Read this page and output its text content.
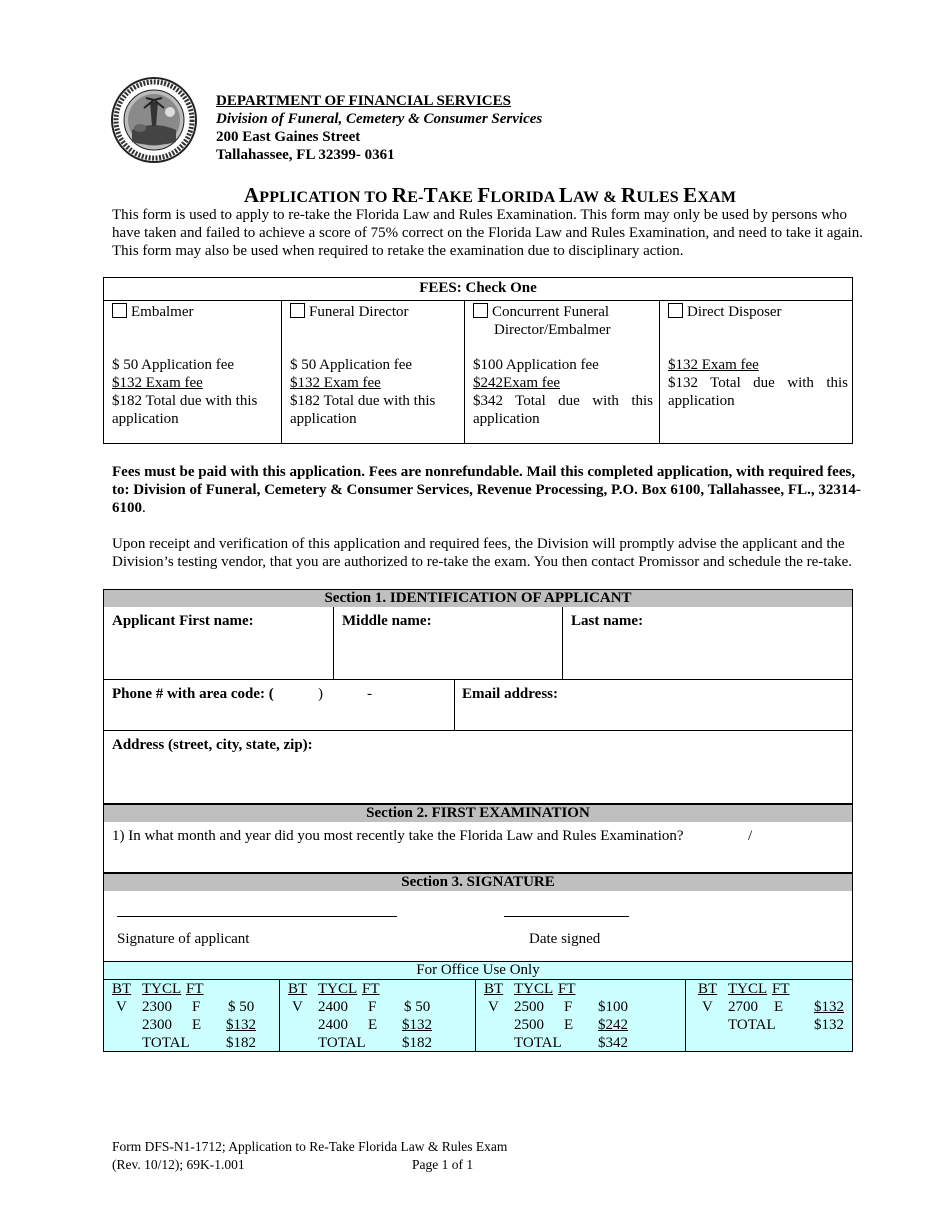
DEPARTMENT OF FINANCIAL SERVICES
Division of Funeral, Cemetery & Consumer Services
200 East Gaines Street
Tallahassee, FL 32399- 0361
APPLICATION TO RE-TAKE FLORIDA LAW & RULES EXAM
This form is used to apply to re-take the Florida Law and Rules Examination. This form may only be used by persons who have taken and failed to achieve a score of 75% correct on the Florida Law and Rules Examination, and need to take it again. This form may also be used when required to retake the examination due to disciplinary action.
FEES: Check One
Embalmer
$ 50 Application fee
$132 Exam fee
$182 Total due with this application
Funeral Director
$ 50 Application fee
$132 Exam fee
$182 Total due with this application
Concurrent Funeral
Director/Embalmer
$100 Application fee
$242Exam fee
$342 Total due with this application
Direct Disposer
$132 Exam fee
$132 Total due with this application
Fees must be paid with this application. Fees are nonrefundable. Mail this completed application, with required fees, to: Division of Funeral, Cemetery & Consumer Services, Revenue Processing, P.O. Box 6100, Tallahassee, FL., 32314-6100.
Upon receipt and verification of this application and required fees, the Division will promptly advise the applicant and the Division’s testing vendor, that you are authorized to re-take the exam. You then contact Promissor and schedule the re-take.
Section 1. IDENTIFICATION OF APPLICANT
Applicant First name:	Middle name:	Last name:
Phone # with area code: (	)	-	Email address:
Address (street, city, state, zip):
Section 2. FIRST EXAMINATION
1) In what month and year did you most recently take the Florida Law and Rules Examination?	/
Section 3. SIGNATURE
Signature of applicant	Date signed
For Office Use Only
BT TYCL FT
V 2300 F $ 50
2300 E $132
TOTAL $182
BT TYCL FT
V 2400 F $ 50
2400 E $132
TOTAL $182
BT TYCL FT
V 2500 F $100
2500 E $242
TOTAL $342
BT TYCL FT
V 2700 E $132
TOTAL	$132
Form DFS-N1-1712; Application to Re-Take Florida Law & Rules Exam
(Rev. 10/12); 69K-1.001	Page 1 of 1
